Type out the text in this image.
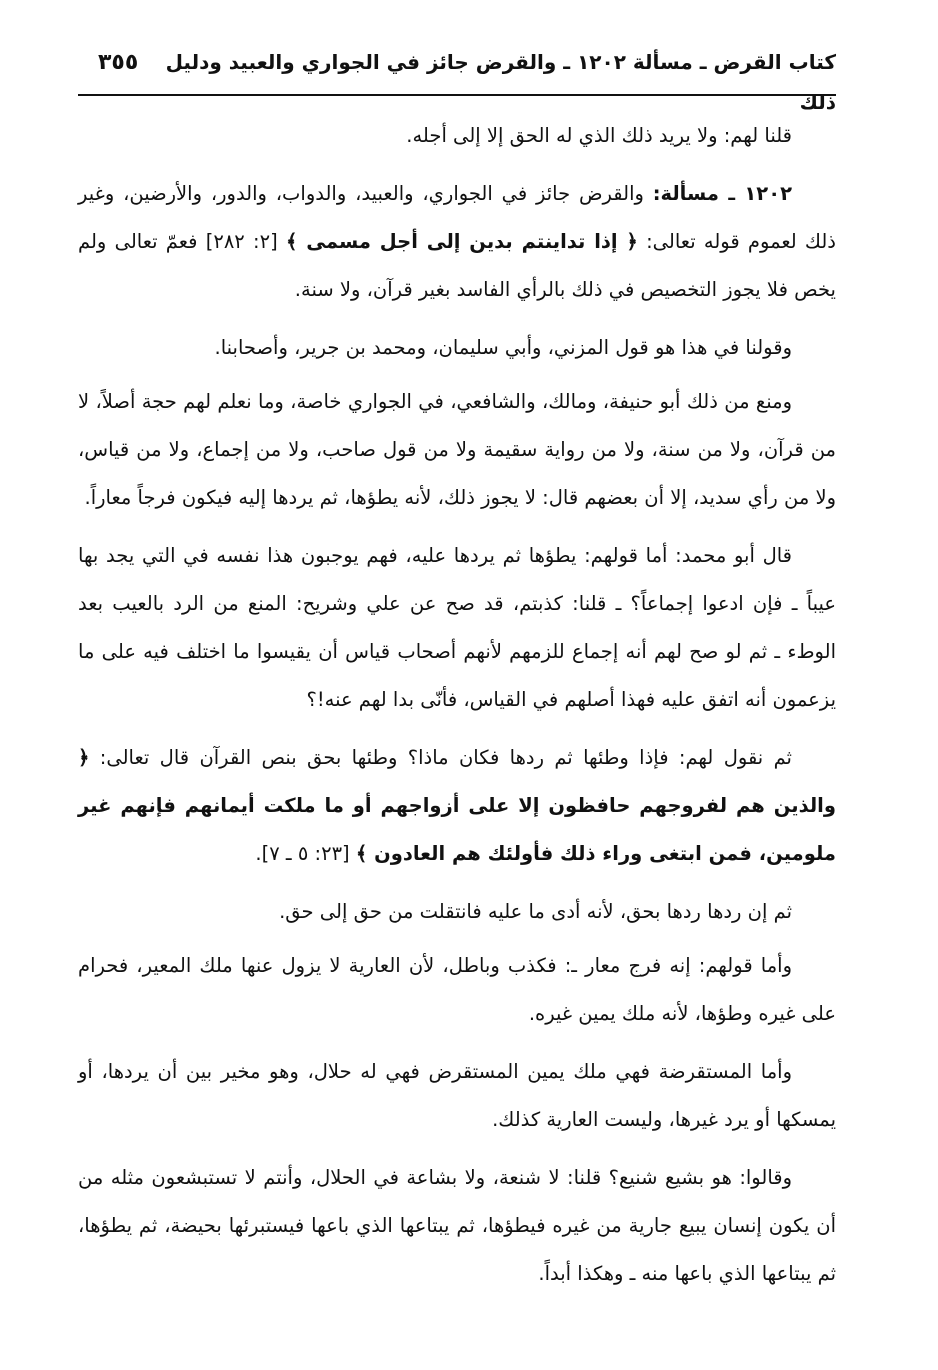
كتاب القرض ـ مسألة ١٢٠٢ ـ والقرض جائز في الجواري والعبيد ودليل ذلك
٣٥٥

قلنا لهم: ولا يريد ذلك الذي له الحق إلا إلى أجله.

١٢٠٢ ـ مسألة: والقرض جائز في الجواري، والعبيد، والدواب، والدور، والأرضين، وغير ذلك لعموم قوله تعالى: ﴿ إذا تداينتم بدين إلى أجل مسمى ﴾ [٢: ٢٨٢] فعمّ تعالى ولم يخص فلا يجوز التخصيص في ذلك بالرأي الفاسد بغير قرآن، ولا سنة.

وقولنا في هذا هو قول المزني، وأبي سليمان، ومحمد بن جرير، وأصحابنا.

ومنع من ذلك أبو حنيفة، ومالك، والشافعي، في الجواري خاصة، وما نعلم لهم حجة أصلاً، لا من قرآن، ولا من سنة، ولا من رواية سقيمة ولا من قول صاحب، ولا من إجماع، ولا من قياس، ولا من رأي سديد، إلا أن بعضهم قال: لا يجوز ذلك، لأنه يطؤها، ثم يردها إليه فيكون فرجاً معاراً.

قال أبو محمد: أما قولهم: يطؤها ثم يردها عليه، فهم يوجبون هذا نفسه في التي يجد بها عيباً ـ فإن ادعوا إجماعاً؟ ـ قلنا: كذبتم، قد صح عن علي وشريح: المنع من الرد بالعيب بعد الوطء ـ ثم لو صح لهم أنه إجماع للزمهم لأنهم أصحاب قياس أن يقيسوا ما اختلف فيه على ما يزعمون أنه اتفق عليه فهذا أصلهم في القياس، فأنّى بدا لهم عنه!؟

ثم نقول لهم: فإذا وطئها ثم ردها فكان ماذا؟ وطئها بحق بنص القرآن قال تعالى: ﴿ والذين هم لفروجهم حافظون إلا على أزواجهم أو ما ملكت أيمانهم فإنهم غير ملومين، فمن ابتغى وراء ذلك فأولئك هم العادون ﴾ [٢٣: ٥ ـ ٧].

ثم إن ردها ردها بحق، لأنه أدى ما عليه فانتقلت من حق إلى حق.

وأما قولهم: إنه فرج معار ـ: فكذب وباطل، لأن العارية لا يزول عنها ملك المعير، فحرام على غيره وطؤها، لأنه ملك يمين غيره.

وأما المستقرضة فهي ملك يمين المستقرض فهي له حلال، وهو مخير بين أن يردها، أو يمسكها أو يرد غيرها، وليست العارية كذلك.

وقالوا: هو بشيع شنيع؟ قلنا: لا شنعة، ولا بشاعة في الحلال، وأنتم لا تستبشعون مثله من أن يكون إنسان يبيع جارية من غيره فيطؤها، ثم يبتاعها الذي باعها فيستبرئها بحيضة، ثم يطؤها، ثم يبتاعها الذي باعها منه ـ وهكذا أبداً.
